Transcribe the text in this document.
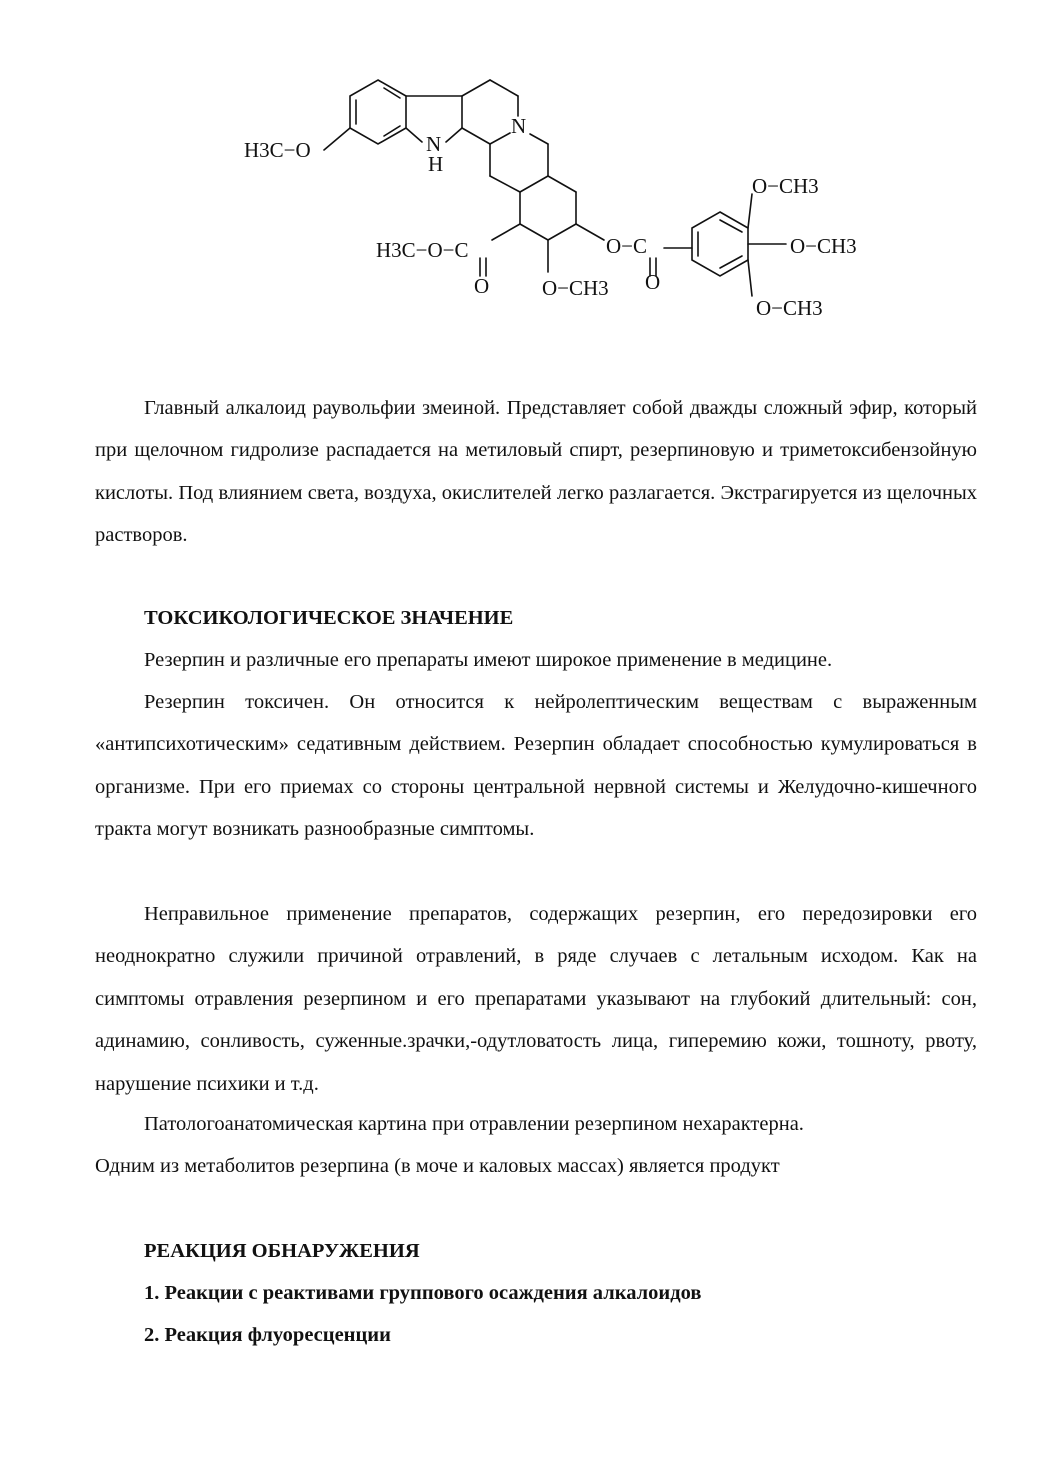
H3C−O	N
H
N
H3C−O−C
O	O−CH3
O−C
O
O−CH3
O−CH3
O−CH3

Главный алкалоид раувольфии змеиной. Представляет собой дважды сложный эфир, который при щелочном гидролизе распадается на метиловый спирт, резерпиновую и триметоксибензойную кислоты. Под влиянием света, воздуха, окислителей легко разлагается. Экстрагируется из щелочных растворов.

ТОКСИКОЛОГИЧЕСКОЕ ЗНАЧЕНИЕ

Резерпин и различные его препараты имеют широкое применение в медицине.

Резерпин токсичен. Он относится к нейролептическим веществам с выраженным «антипсихотическим» седативным действием. Резерпин обладает способностью кумулироваться в организме. При его приемах со стороны центральной нервной системы и Желудочно-кишечного тракта могут возникать разнообразные симптомы.

Неправильное применение препаратов, содержащих резерпин, его передозировки его неоднократно служили причиной отравлений, в ряде случаев с летальным исходом. Как на симптомы отравления резерпином и его препаратами указывают на глубокий длительный: сон, адинамию, сонливость, суженные.зрачки,-одутловатость лица, гиперемию кожи, тошноту, рвоту, нарушение психики и т.д.

Патологоанатомическая картина при отравлении резерпином нехарактерна.

Одним из метаболитов резерпина (в моче и каловых массах) является продукт

РЕАКЦИЯ ОБНАРУЖЕНИЯ

1. Реакции с реактивами группового осаждения алкалоидов

2. Реакция флуоресценции
